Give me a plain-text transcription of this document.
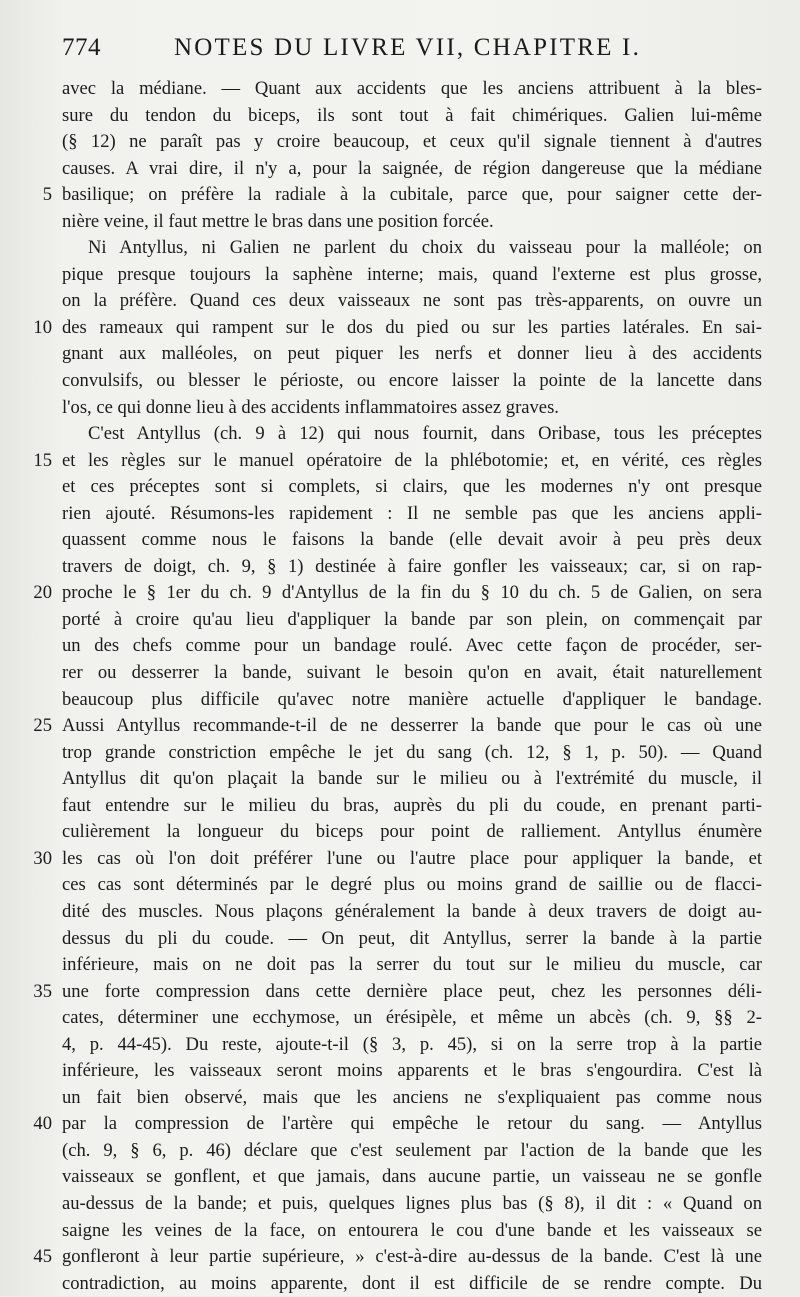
774	NOTES DU LIVRE VII, CHAPITRE I.
avec la médiane. — Quant aux accidents que les anciens attribuent à la bles-
sure du tendon du biceps, ils sont tout à fait chimériques. Galien lui-même
(§ 12) ne paraît pas y croire beaucoup, et ceux qu'il signale tiennent à d'autres
causes. A vrai dire, il n'y a, pour la saignée, de région dangereuse que la médiane
5 basilique; on préfère la radiale à la cubitale, parce que, pour saigner cette der-
nière veine, il faut mettre le bras dans une position forcée.
Ni Antyllus, ni Galien ne parlent du choix du vaisseau pour la malléole; on
pique presque toujours la saphène interne; mais, quand l'externe est plus grosse,
on la préfère. Quand ces deux vaisseaux ne sont pas très-apparents, on ouvre un
10 des rameaux qui rampent sur le dos du pied ou sur les parties latérales. En sai-
gnant aux malléoles, on peut piquer les nerfs et donner lieu à des accidents
convulsifs, ou blesser le périoste, ou encore laisser la pointe de la lancette dans
l'os, ce qui donne lieu à des accidents inflammatoires assez graves.
C'est Antyllus (ch. 9 à 12) qui nous fournit, dans Oribase, tous les préceptes
15 et les règles sur le manuel opératoire de la phlébotomie; et, en vérité, ces règles
et ces préceptes sont si complets, si clairs, que les modernes n'y ont presque
rien ajouté. Résumons-les rapidement : Il ne semble pas que les anciens appli-
quassent comme nous le faisons la bande (elle devait avoir à peu près deux
travers de doigt, ch. 9, § 1) destinée à faire gonfler les vaisseaux; car, si on rap-
20 proche le § 1er du ch. 9 d'Antyllus de la fin du § 10 du ch. 5 de Galien, on sera
porté à croire qu'au lieu d'appliquer la bande par son plein, on commençait par
un des chefs comme pour un bandage roulé. Avec cette façon de procéder, ser-
rer ou desserrer la bande, suivant le besoin qu'on en avait, était naturellement
beaucoup plus difficile qu'avec notre manière actuelle d'appliquer le bandage.
25 Aussi Antyllus recommande-t-il de ne desserrer la bande que pour le cas où une
trop grande constriction empêche le jet du sang (ch. 12, § 1, p. 50). — Quand
Antyllus dit qu'on plaçait la bande sur le milieu ou à l'extrémité du muscle, il
faut entendre sur le milieu du bras, auprès du pli du coude, en prenant parti-
culièrement la longueur du biceps pour point de ralliement. Antyllus énumère
30 les cas où l'on doit préférer l'une ou l'autre place pour appliquer la bande, et
ces cas sont déterminés par le degré plus ou moins grand de saillie ou de flacci-
dité des muscles. Nous plaçons généralement la bande à deux travers de doigt au-
dessus du pli du coude. — On peut, dit Antyllus, serrer la bande à la partie
inférieure, mais on ne doit pas la serrer du tout sur le milieu du muscle, car
35 une forte compression dans cette dernière place peut, chez les personnes déli-
cates, déterminer une ecchymose, un érésipèle, et même un abcès (ch. 9, §§ 2-
4, p. 44-45). Du reste, ajoute-t-il (§ 3, p. 45), si on la serre trop à la partie
inférieure, les vaisseaux seront moins apparents et le bras s'engourdira. C'est là
un fait bien observé, mais que les anciens ne s'expliquaient pas comme nous
40 par la compression de l'artère qui empêche le retour du sang. — Antyllus
(ch. 9, § 6, p. 46) déclare que c'est seulement par l'action de la bande que les
vaisseaux se gonflent, et que jamais, dans aucune partie, un vaisseau ne se gonfle
au-dessus de la bande; et puis, quelques lignes plus bas (§ 8), il dit : « Quand on
saigne les veines de la face, on entourera le cou d'une bande et les vaisseaux se
45 gonfleront à leur partie supérieure, » c'est-à-dire au-dessus de la bande. C'est là une
contradiction, au moins apparente, dont il est difficile de se rendre compte. Du
